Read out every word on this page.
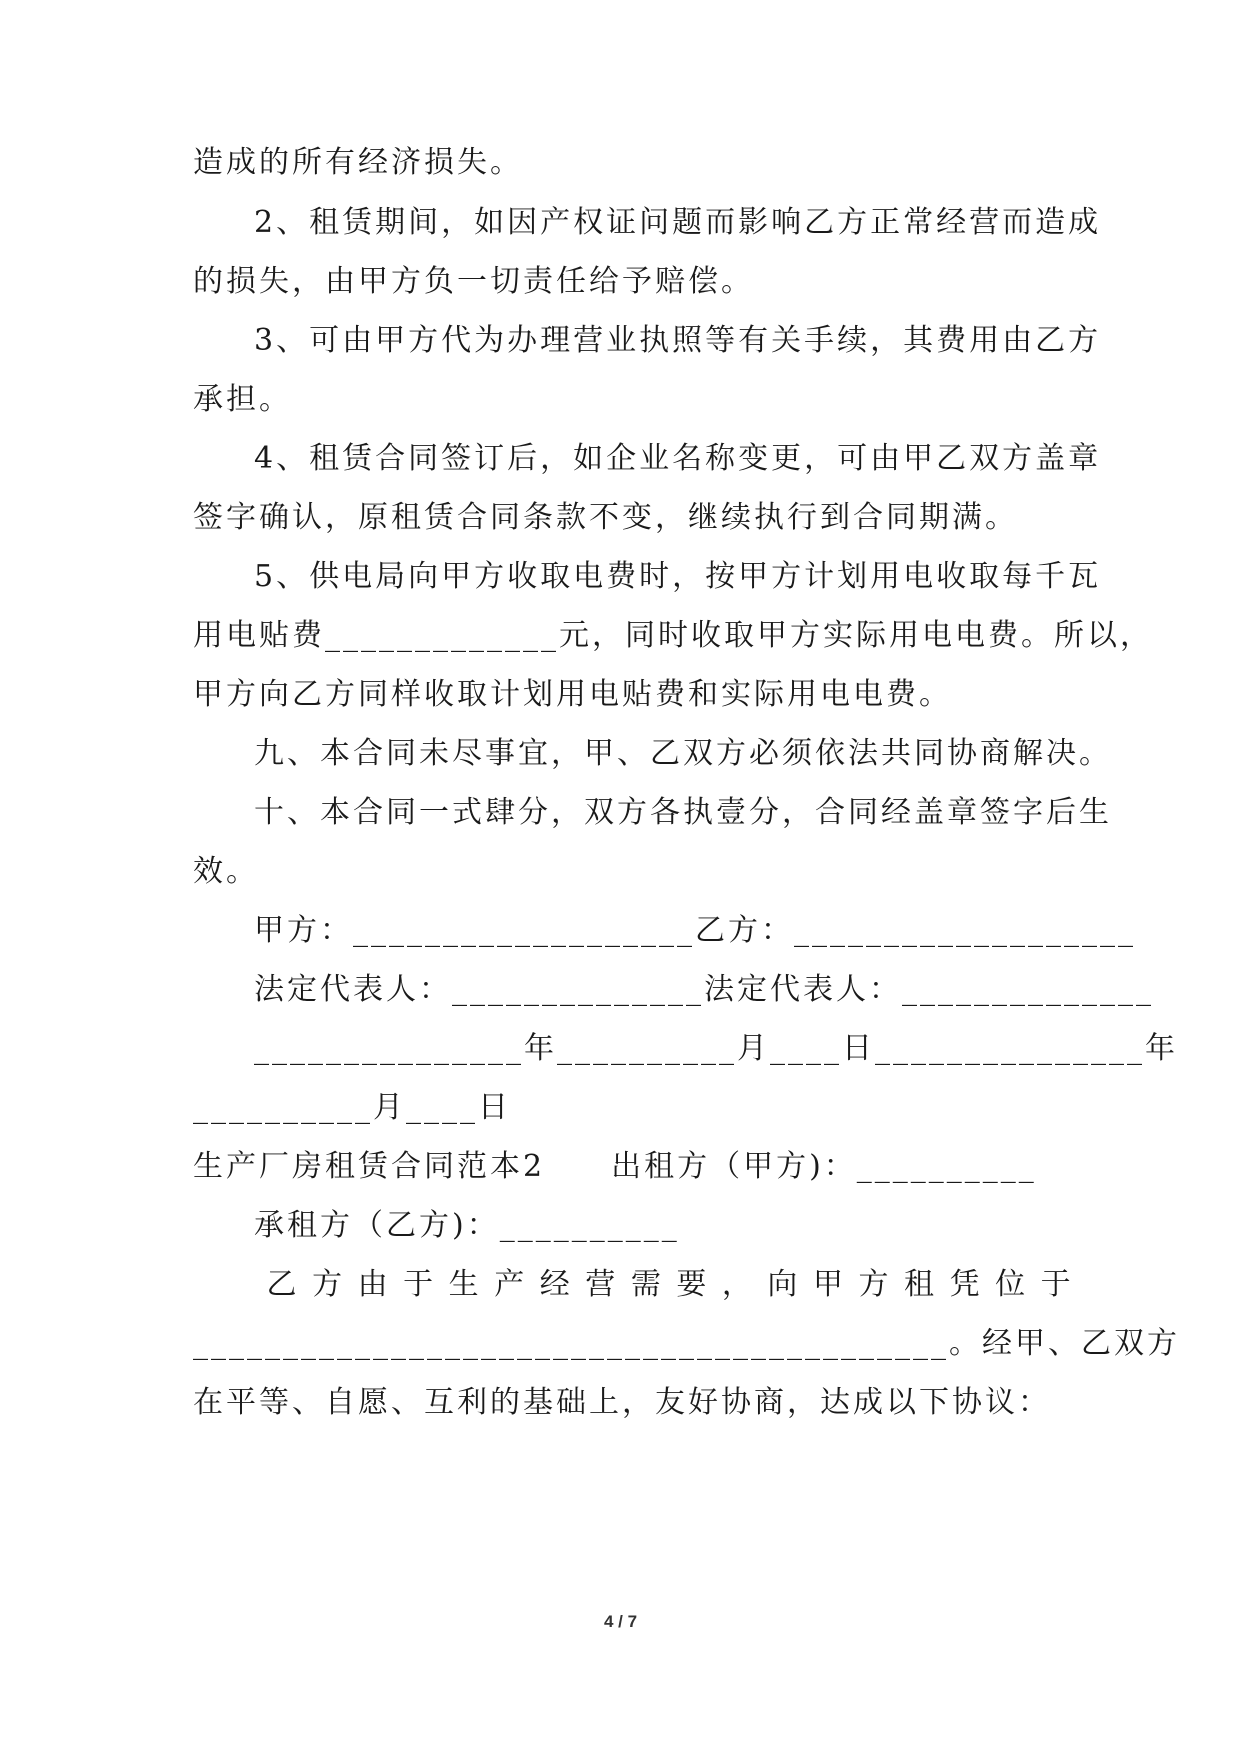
造成的所有经济损失。
2、租赁期间，如因产权证问题而影响乙方正常经营而造成
的损失，由甲方负一切责任给予赔偿。
3、可由甲方代为办理营业执照等有关手续，其费用由乙方
承担。
4、租赁合同签订后，如企业名称变更，可由甲乙双方盖章
签字确认，原租赁合同条款不变，继续执行到合同期满。
5、供电局向甲方收取电费时，按甲方计划用电收取每千瓦
用电贴费_____________元，同时收取甲方实际用电电费。所以，
甲方向乙方同样收取计划用电贴费和实际用电电费。
九、本合同未尽事宜，甲、乙双方必须依法共同协商解决。
十、本合同一式肆分，双方各执壹分，合同经盖章签字后生
效。
甲方：___________________乙方：___________________
法定代表人：______________法定代表人：______________
_______________年__________月____日_______________年
__________月____日
生产厂房租赁合同范本2　　出租方（甲方)：__________
承租方（乙方)：__________
乙 方 由 于 生 产 经 营 需 要 ， 向 甲 方 租 凭 位 于
__________________________________________。经甲、乙双方
在平等、自愿、互利的基础上，友好协商，达成以下协议：
4 / 7
